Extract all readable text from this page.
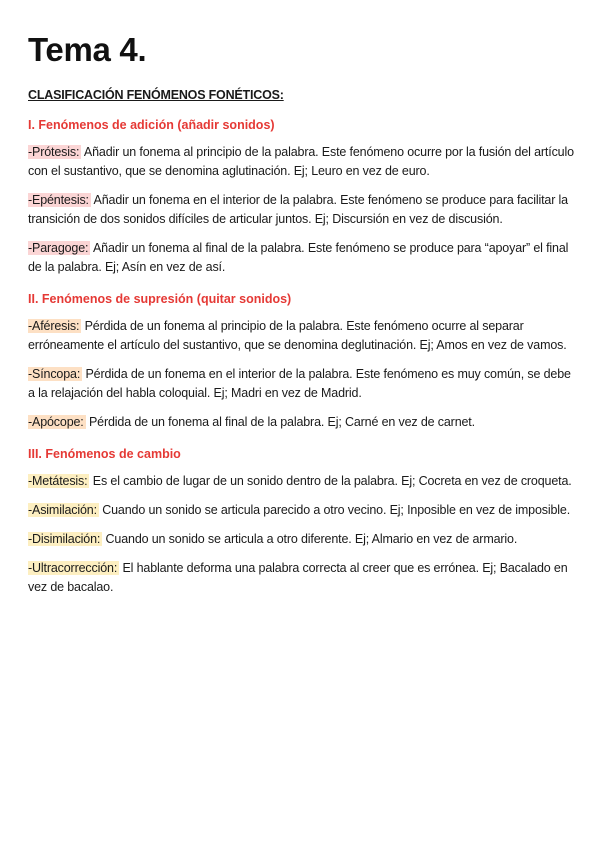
Tema 4.
CLASIFICACIÓN FENÓMENOS FONÉTICOS:
I. Fenómenos de adición (añadir sonidos)
-Prótesis: Añadir un fonema al principio de la palabra. Este fenómeno ocurre por la fusión del artículo con el sustantivo, que se denomina aglutinación. Ej; Leuro en vez de euro.
-Epéntesis: Añadir un fonema en el interior de la palabra. Este fenómeno se produce para facilitar la transición de dos sonidos difíciles de articular juntos. Ej; Discursión en vez de discusión.
-Paragoge: Añadir un fonema al final de la palabra. Este fenómeno se produce para “apoyar” el final de la palabra. Ej; Asín en vez de así.
II. Fenómenos de supresión (quitar sonidos)
-Aféresis: Pérdida de un fonema al principio de la palabra. Este fenómeno ocurre al separar erróneamente el artículo del sustantivo, que se denomina deglutinación. Ej; Amos en vez de vamos.
-Síncopa: Pérdida de un fonema en el interior de la palabra. Este fenómeno es muy común, se debe a la relajación del habla coloquial. Ej; Madri en vez de Madrid.
-Apócope: Pérdida de un fonema al final de la palabra. Ej; Carné en vez de carnet.
III. Fenómenos de cambio
-Metátesis: Es el cambio de lugar de un sonido dentro de la palabra. Ej; Cocreta en vez de croqueta.
-Asimilación: Cuando un sonido se articula parecido a otro vecino. Ej; Inposible en vez de imposible.
-Disimilación: Cuando un sonido se articula a otro diferente. Ej; Almario en vez de armario.
-Ultracorrección: El hablante deforma una palabra correcta al creer que es errónea. Ej; Bacalado en vez de bacalao.
